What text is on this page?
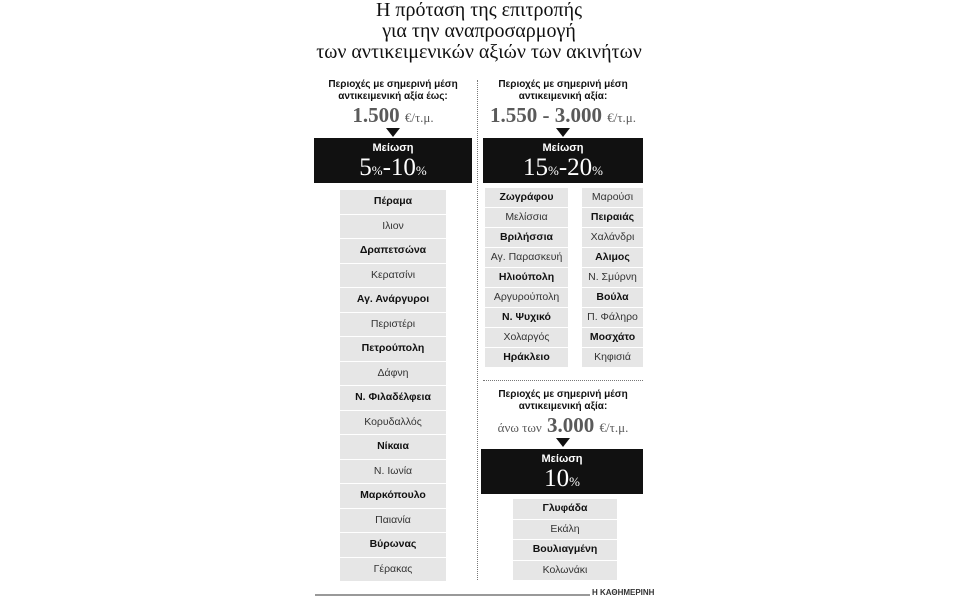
Η πρόταση της επιτροπής
για την αναπροσαρμογή
των αντικειμενικών αξιών των ακινήτων
Περιοχές με σημερινή μέση
αντικειμενική αξία έως:
1.500 €/τ.μ.
Μείωση
5%-10%
Πέραμα
Ιλιον
Δραπετσώνα
Κερατσίνι
Αγ. Ανάργυροι
Περιστέρι
Πετρούπολη
Δάφνη
Ν. Φιλαδέλφεια
Κορυδαλλός
Νίκαια
Ν. Ιωνία
Μαρκόπουλο
Παιανία
Βύρωνας
Γέρακας
Περιοχές με σημερινή μέση
αντικειμενική αξία:
1.550 - 3.000 €/τ.μ.
Μείωση
15%-20%
Ζωγράφου
Μελίσσια
Βριλήσσια
Αγ. Παρασκευή
Ηλιούπολη
Αργυρούπολη
Ν. Ψυχικό
Χολαργός
Ηράκλειο
Μαρούσι
Πειραιάς
Χαλάνδρι
Αλιμος
Ν. Σμύρνη
Βούλα
Π. Φάληρο
Μοσχάτο
Κηφισιά
Περιοχές με σημερινή μέση
αντικειμενική αξία:
άνω των 3.000 €/τ.μ.
Μείωση
10%
Γλυφάδα
Εκάλη
Βουλιαγμένη
Κολωνάκι
Η ΚΑΘΗΜΕΡΙΝΗ
